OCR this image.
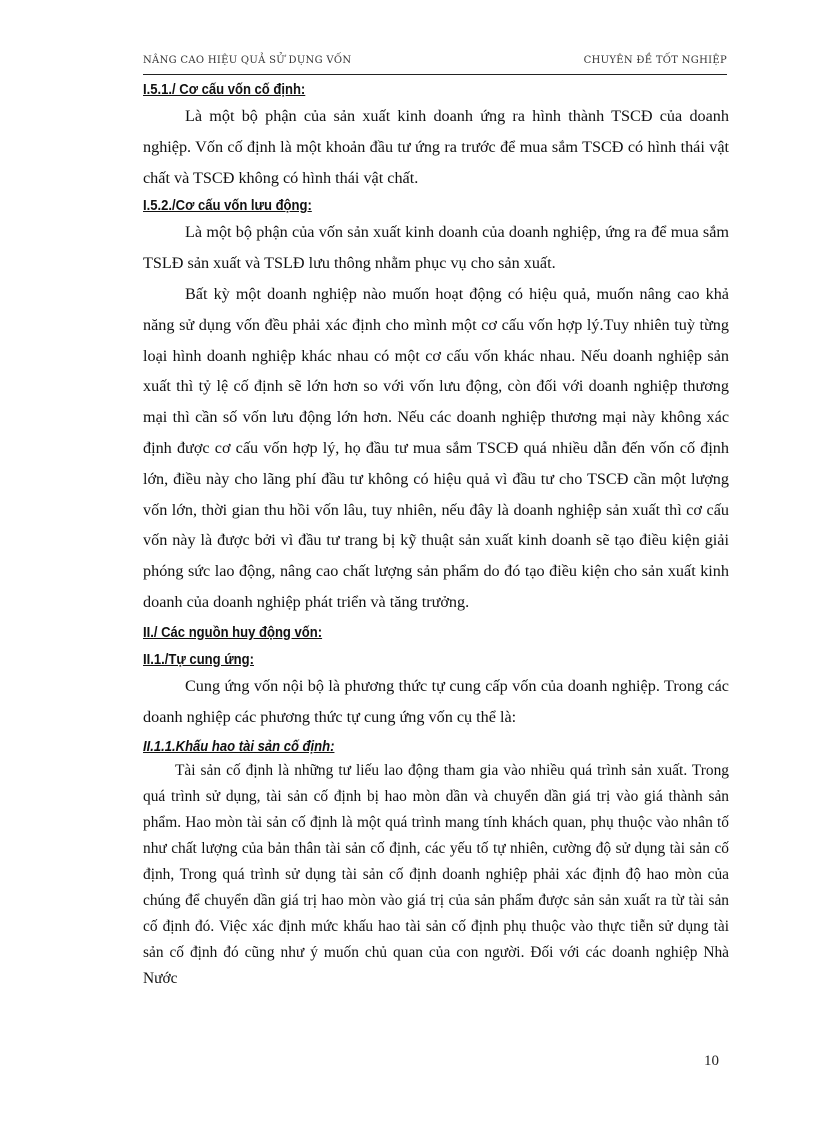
NÂNG CAO HIỆU QUẢ SỬ DỤNG VỐN	CHUYÊN ĐỀ TỐT NGHIỆP
I.5.1./ Cơ cấu vốn cố định:

Là một bộ phận của sản xuất kinh doanh ứng ra hình thành TSCĐ của doanh nghiệp. Vốn cố định là một khoản đầu tư ứng ra trước để mua sắm TSCĐ có hình thái vật chất và TSCĐ không có hình thái vật chất.

I.5.2./Cơ cấu vốn lưu động:

Là một bộ phận của vốn sản xuất kinh doanh của doanh nghiệp, ứng ra để mua sắm TSLĐ sản xuất và TSLĐ lưu thông nhằm phục vụ cho sản xuất.

Bất kỳ một doanh nghiệp nào muốn hoạt động có hiệu quả, muốn nâng cao khả năng sử dụng vốn đều phải xác định cho mình một cơ cấu vốn hợp lý.Tuy nhiên tuỳ từng loại hình doanh nghiệp khác nhau có một cơ cấu vốn khác nhau. Nếu doanh nghiệp sản xuất thì tỷ lệ cố định sẽ lớn hơn so với vốn lưu động, còn đối với doanh nghiệp thương mại thì cần số vốn lưu động lớn hơn. Nếu các doanh nghiệp thương mại này không xác định được cơ cấu vốn hợp lý, họ đầu tư mua sắm TSCĐ quá nhiều dẫn đến vốn cố định lớn, điều này cho lãng phí đầu tư không có hiệu quả vì đầu tư cho TSCĐ cần một lượng vốn lớn, thời gian thu hồi vốn lâu, tuy nhiên, nếu đây là doanh nghiệp sản xuất thì cơ cấu vốn này là được bởi vì đầu tư trang bị kỹ thuật sản xuất kinh doanh sẽ tạo điều kiện giải phóng sức lao động, nâng cao chất lượng sản phẩm do đó tạo điều kiện cho sản xuất kinh doanh của doanh nghiệp phát triển và tăng trưởng.

II./ Các nguồn huy động vốn:
II.1./Tự cung ứng:

Cung ứng vốn nội bộ là phương thức tự cung cấp vốn của doanh nghiệp. Trong các doanh nghiệp các phương thức tự cung ứng vốn cụ thể là:

II.1.1.Khấu hao tài sản cố định:

Tài sản cố định là những tư liếu lao động tham gia vào nhiều quá trình sản xuất. Trong quá trình sử dụng, tài sản cố định bị hao mòn dần và chuyển dần giá trị vào giá thành sản phẩm. Hao mòn tài sản cố định là một quá trình mang tính khách quan, phụ thuộc vào nhân tố như chất lượng của bản thân tài sản cố định, các yếu tố tự nhiên, cường độ sử dụng tài sản cố định, Trong quá trình sử dụng tài sản cố định doanh nghiệp phải xác định độ hao mòn của chúng để chuyển dần giá trị hao mòn vào giá trị của sản phẩm được sản sản xuất ra từ tài sản cố định đó. Việc xác định mức khấu hao tài sản cố định phụ thuộc vào thực tiễn sử dụng tài sản cố định đó cũng như ý muốn chủ quan của con người. Đối với các doanh nghiệp Nhà Nước

10
